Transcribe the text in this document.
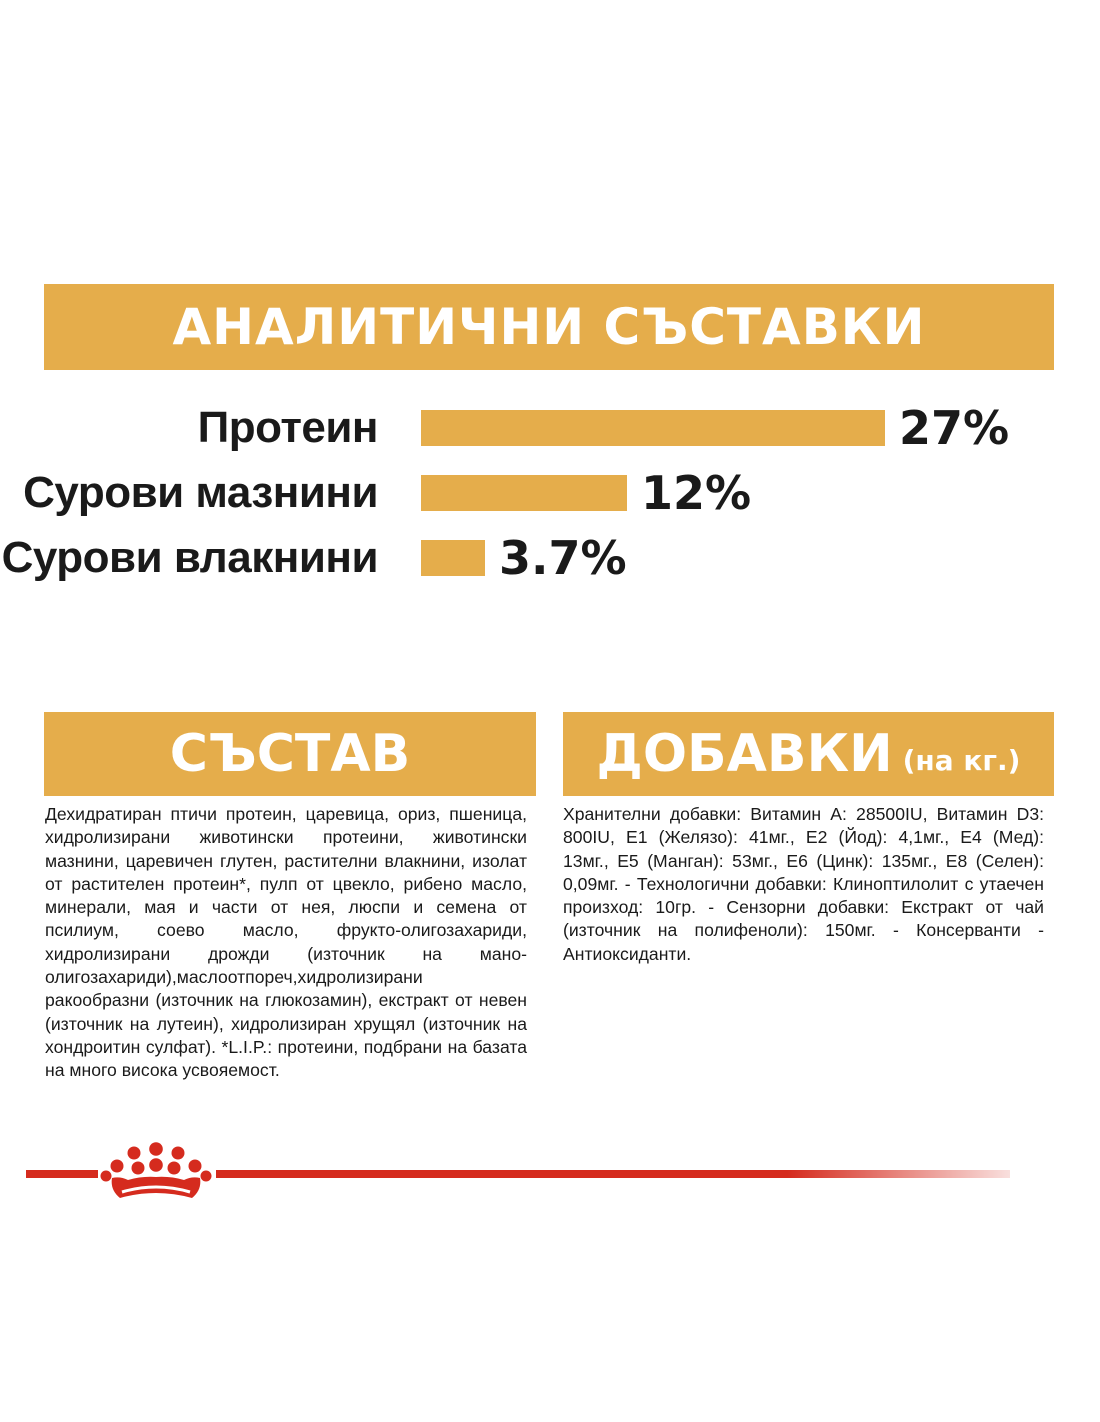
АНАЛИТИЧНИ СЪСТАВКИ
Протеин	27%
Сурови мазнини	12%
Сурови влакнини	3.7%
СЪСТАВ

Дехидратиран птичи протеин, царевица, ориз, пшеница, хидролизирани животински протеини, животински мазнини, царевичен глутен, растителни влакнини, изолат от растителен протеин*, пулп от цвекло, рибено масло, минерали, мая и части от нея, люспи и семена от псилиум, соево масло, фрукто-олигозахариди, хидролизирани дрожди (източник на мано-олигозахариди),маслоотпореч,хидролизирани ракообразни (източник на глюкозамин), екстракт от невен (източник на лутеин), хидролизиран хрущял (източник на хондроитин сулфат). *L.I.P.: протеини, подбрани на базата на много висока усвояемост.

ДОБАВКИ (на кг.)

Хранителни добавки: Витамин А: 28500IU, Витамин D3: 800IU, Е1 (Желязо): 41мг., Е2 (Йод): 4,1мг., Е4 (Мед): 13мг., Е5 (Манган): 53мг., Е6 (Цинк): 135мг., Е8 (Селен): 0,09мг. - Технологични добавки: Клиноптилолит с утаечен произход: 10гр. - Сензорни добавки: Екстракт от чай (източник на полифеноли): 150мг. - Консерванти - Антиоксиданти.
